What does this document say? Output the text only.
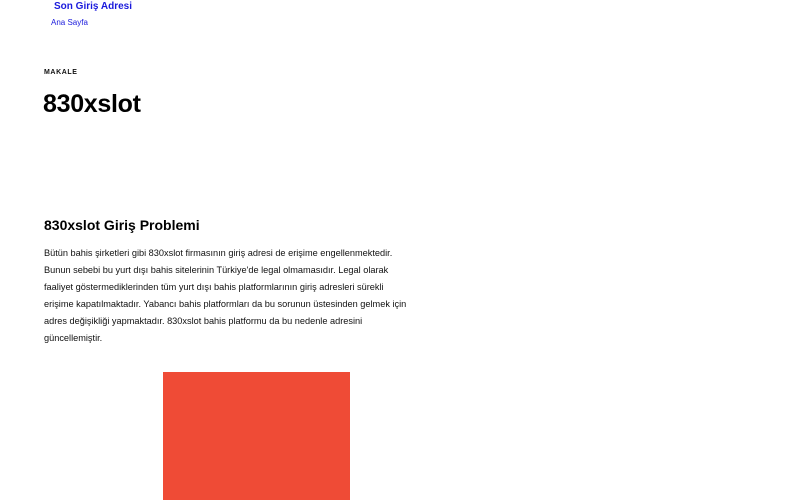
Son Giriş Adresi
Ana Sayfa
MAKALE
830xslot
830xslot Giriş Problemi

Bütün bahis şirketleri gibi 830xslot firmasının giriş adresi de erişime engellenmektedir.
Bunun sebebi bu yurt dışı bahis sitelerinin Türkiye'de legal olmamasıdır. Legal olarak
faaliyet göstermediklerinden tüm yurt dışı bahis platformlarının giriş adresleri sürekli
erişime kapatılmaktadır. Yabancı bahis platformları da bu sorunun üstesinden gelmek için
adres değişikliği yapmaktadır. 830xslot bahis platformu da bu nedenle adresini
güncellemiştir.
